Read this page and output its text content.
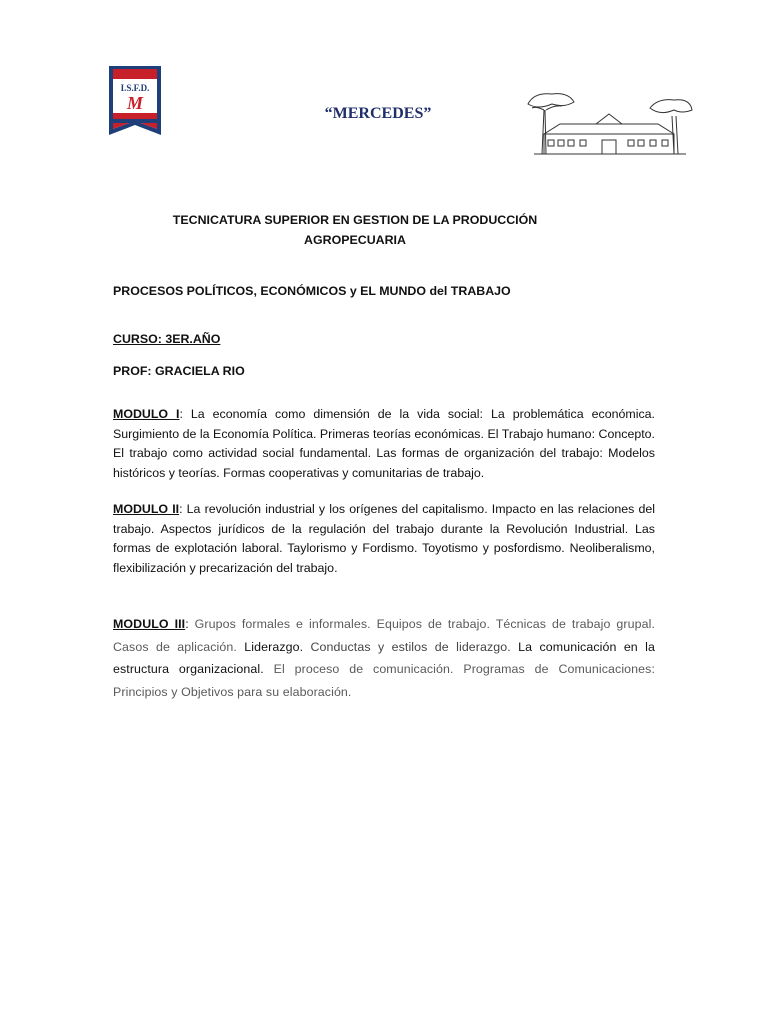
I.S.F.D.
M
“MERCEDES”
TECNICATURA SUPERIOR EN GESTION DE LA PRODUCCIÓN
AGROPECUARIA
PROCESOS POLÍTICOS, ECONÓMICOS y EL MUNDO del TRABAJO
CURSO: 3ER.AÑO
PROF: GRACIELA RIO
MODULO I: La economía como dimensión de la vida social: La problemática económica. Surgimiento de la Economía Política. Primeras teorías económicas. El Trabajo humano: Concepto. El trabajo como actividad social fundamental. Las formas de organización del trabajo: Modelos históricos y teorías. Formas cooperativas y comunitarias de trabajo.
MODULO II: La revolución industrial y los orígenes del capitalismo. Impacto en las relaciones del trabajo. Aspectos jurídicos de la regulación del trabajo durante la Revolución Industrial. Las formas de explotación laboral. Taylorismo y Fordismo. Toyotismo y posfordismo. Neoliberalismo, flexibilización y precarización del trabajo.
MODULO III: Grupos formales e informales. Equipos de trabajo. Técnicas de trabajo grupal. Casos de aplicación. Liderazgo. Conductas y estilos de liderazgo. La comunicación en la estructura organizacional. El proceso de comunicación. Programas de Comunicaciones: Principios y Objetivos para su elaboración.
